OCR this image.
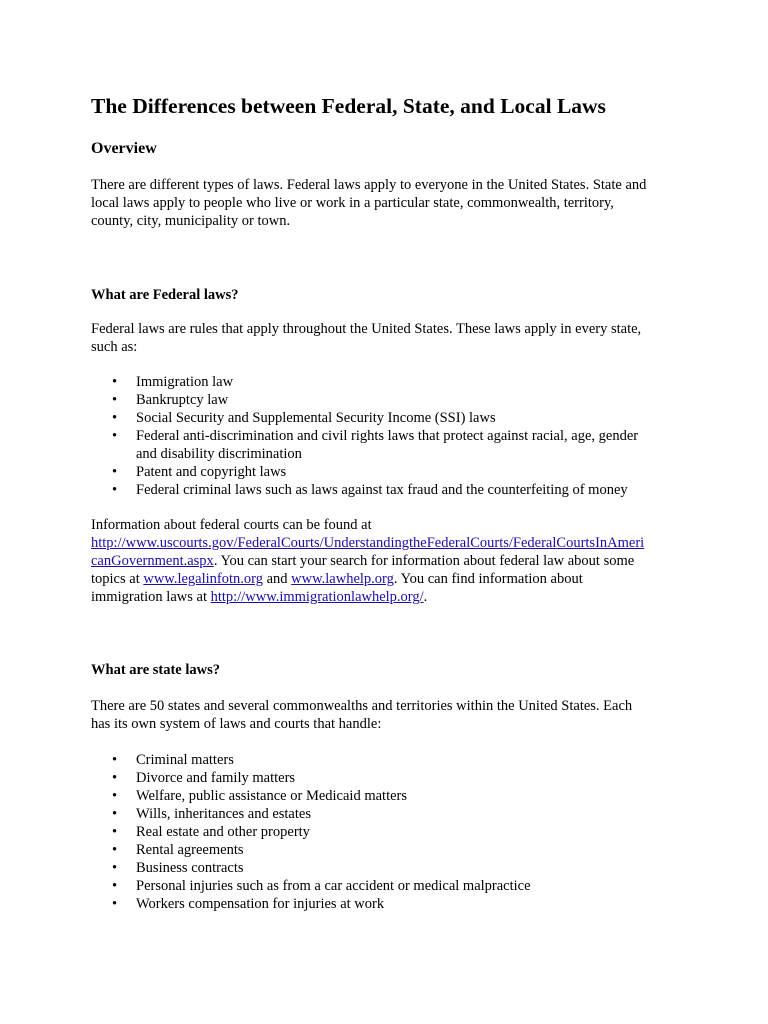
The Differences between Federal, State, and Local Laws
Overview

There are different types of laws. Federal laws apply to everyone in the United States. State and
local laws apply to people who live or work in a particular state, commonwealth, territory,
county, city, municipality or town.

What are Federal laws?

Federal laws are rules that apply throughout the United States. These laws apply in every state,
such as:

• Immigration law
• Bankruptcy law
• Social Security and Supplemental Security Income (SSI) laws
• Federal anti-discrimination and civil rights laws that protect against racial, age, gender
and disability discrimination
• Patent and copyright laws
• Federal criminal laws such as laws against tax fraud and the counterfeiting of money

Information about federal courts can be found at
http://www.uscourts.gov/FederalCourts/UnderstandingtheFederalCourts/FederalCourtsInAmeri
canGovernment.aspx. You can start your search for information about federal law about some
topics at www.legalinfotn.org and www.lawhelp.org. You can find information about
immigration laws at http://www.immigrationlawhelp.org/.

What are state laws?

There are 50 states and several commonwealths and territories within the United States. Each
has its own system of laws and courts that handle:

• Criminal matters
• Divorce and family matters
• Welfare, public assistance or Medicaid matters
• Wills, inheritances and estates
• Real estate and other property
• Rental agreements
• Business contracts
• Personal injuries such as from a car accident or medical malpractice
• Workers compensation for injuries at work
